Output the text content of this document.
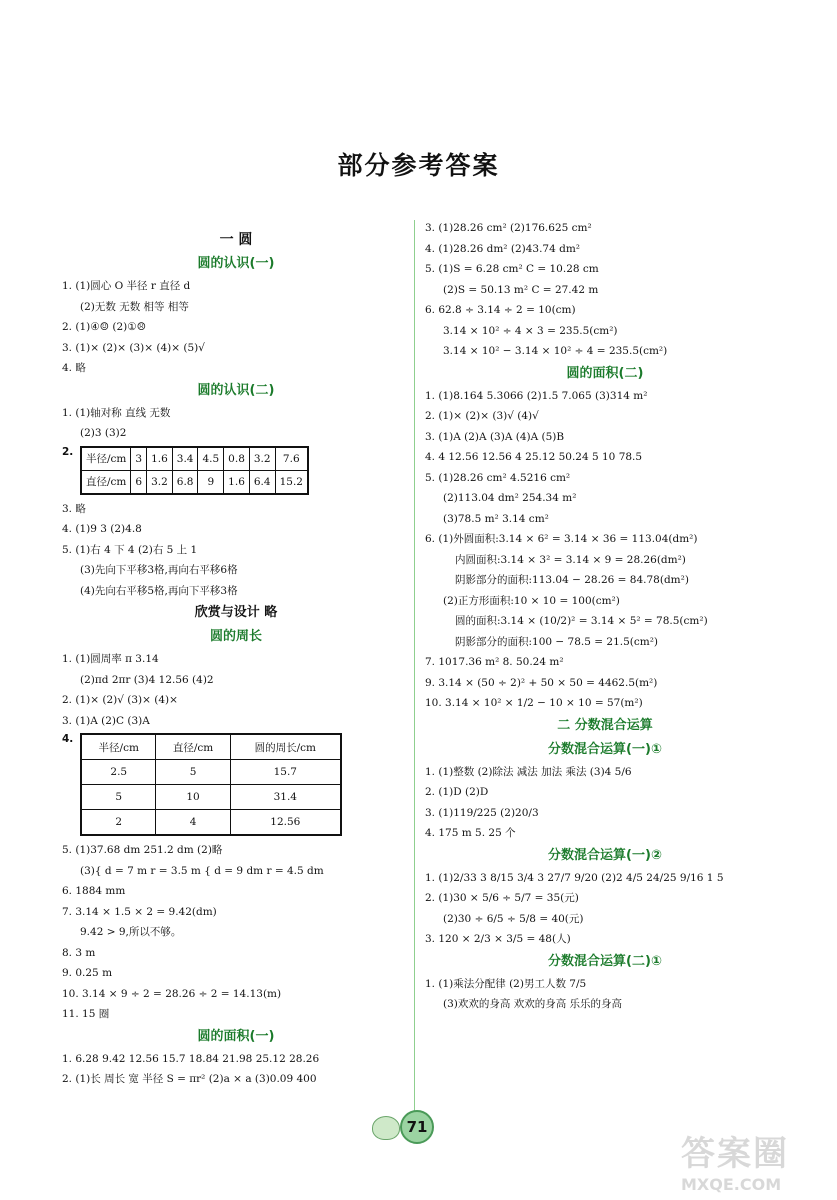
部分参考答案
一 圆
圆的认识(一)
1. (1)圆心 O 半径 r 直径 d
(2)无数 无数 相等 相等
2. (1)④☺ (2)①☹
3. (1)× (2)× (3)× (4)× (5)√
4. 略
圆的认识(二)
1. (1)轴对称 直线 无数
(2)3 (3)2
2.
半径/cm	3	1.6	3.4	4.5	0.8	3.2	7.6
直径/cm	6	3.2	6.8	9	1.6	6.4	15.2
3. 略
4. (1)9 3 (2)4.8
5. (1)右 4 下 4 (2)右 5 上 1
(3)先向下平移3格,再向右平移6格
(4)先向右平移5格,再向下平移3格
欣赏与设计 略
圆的周长
1. (1)圆周率 π 3.14
(2)πd 2πr (3)4 12.56 (4)2
2. (1)× (2)√ (3)× (4)×
3. (1)A (2)C (3)A
4.
半径/cm	直径/cm	圆的周长/cm
2.5	5	15.7
5	10	31.4
2	4	12.56
5. (1)37.68 dm 251.2 dm (2)略
(3){ d = 7 m r = 3.5 m { d = 9 dm r = 4.5 dm
6. 1884 mm
7. 3.14 × 1.5 × 2 = 9.42(dm)
9.42 > 9,所以不够。
8. 3 m
9. 0.25 m
10. 3.14 × 9 ÷ 2 = 28.26 ÷ 2 = 14.13(m)
11. 15 圈
圆的面积(一)
1. 6.28 9.42 12.56 15.7 18.84 21.98 25.12 28.26
2. (1)长 周长 宽 半径 S = πr² (2)a × a (3)0.09 400
3. (1)28.26 cm² (2)176.625 cm²
4. (1)28.26 dm² (2)43.74 dm²
5. (1)S = 6.28 cm² C = 10.28 cm
(2)S = 50.13 m² C = 27.42 m
6. 62.8 ÷ 3.14 ÷ 2 = 10(cm)
3.14 × 10² ÷ 4 × 3 = 235.5(cm²)
3.14 × 10² − 3.14 × 10² ÷ 4 = 235.5(cm²)
圆的面积(二)
1. (1)8.164 5.3066 (2)1.5 7.065 (3)314 m²
2. (1)× (2)× (3)√ (4)√
3. (1)A (2)A (3)A (4)A (5)B
4. 4 12.56 12.56 4 25.12 50.24 5 10 78.5
5. (1)28.26 cm² 4.5216 cm²
(2)113.04 dm² 254.34 m²
(3)78.5 m² 3.14 cm²
6. (1)外圆面积:3.14 × 6² = 3.14 × 36 = 113.04(dm²)
内圆面积:3.14 × 3² = 3.14 × 9 = 28.26(dm²)
阴影部分的面积:113.04 − 28.26 = 84.78(dm²)
(2)正方形面积:10 × 10 = 100(cm²)
圆的面积:3.14 × (10/2)² = 3.14 × 5² = 78.5(cm²)
阴影部分的面积:100 − 78.5 = 21.5(cm²)
7. 1017.36 m² 8. 50.24 m²
9. 3.14 × (50 ÷ 2)² + 50 × 50 = 4462.5(m²)
10. 3.14 × 10² × 1/2 − 10 × 10 = 57(m²)
二 分数混合运算
分数混合运算(一)①
1. (1)整数 (2)除法 减法 加法 乘法 (3)4 5/6
2. (1)D (2)D
3. (1)119/225 (2)20/3
4. 175 m 5. 25 个
分数混合运算(一)②
1. (1)2/33 3 8/15 3/4 3 27/7 9/20 (2)2 4/5 24/25 9/16 1 5
2. (1)30 × 5/6 ÷ 5/7 = 35(元)
(2)30 ÷ 6/5 ÷ 5/8 = 40(元)
3. 120 × 2/3 × 3/5 = 48(人)
分数混合运算(二)①
1. (1)乘法分配律 (2)男工人数 7/5
(3)欢欢的身高 欢欢的身高 乐乐的身高
71
答案圈
MXQE.COM
